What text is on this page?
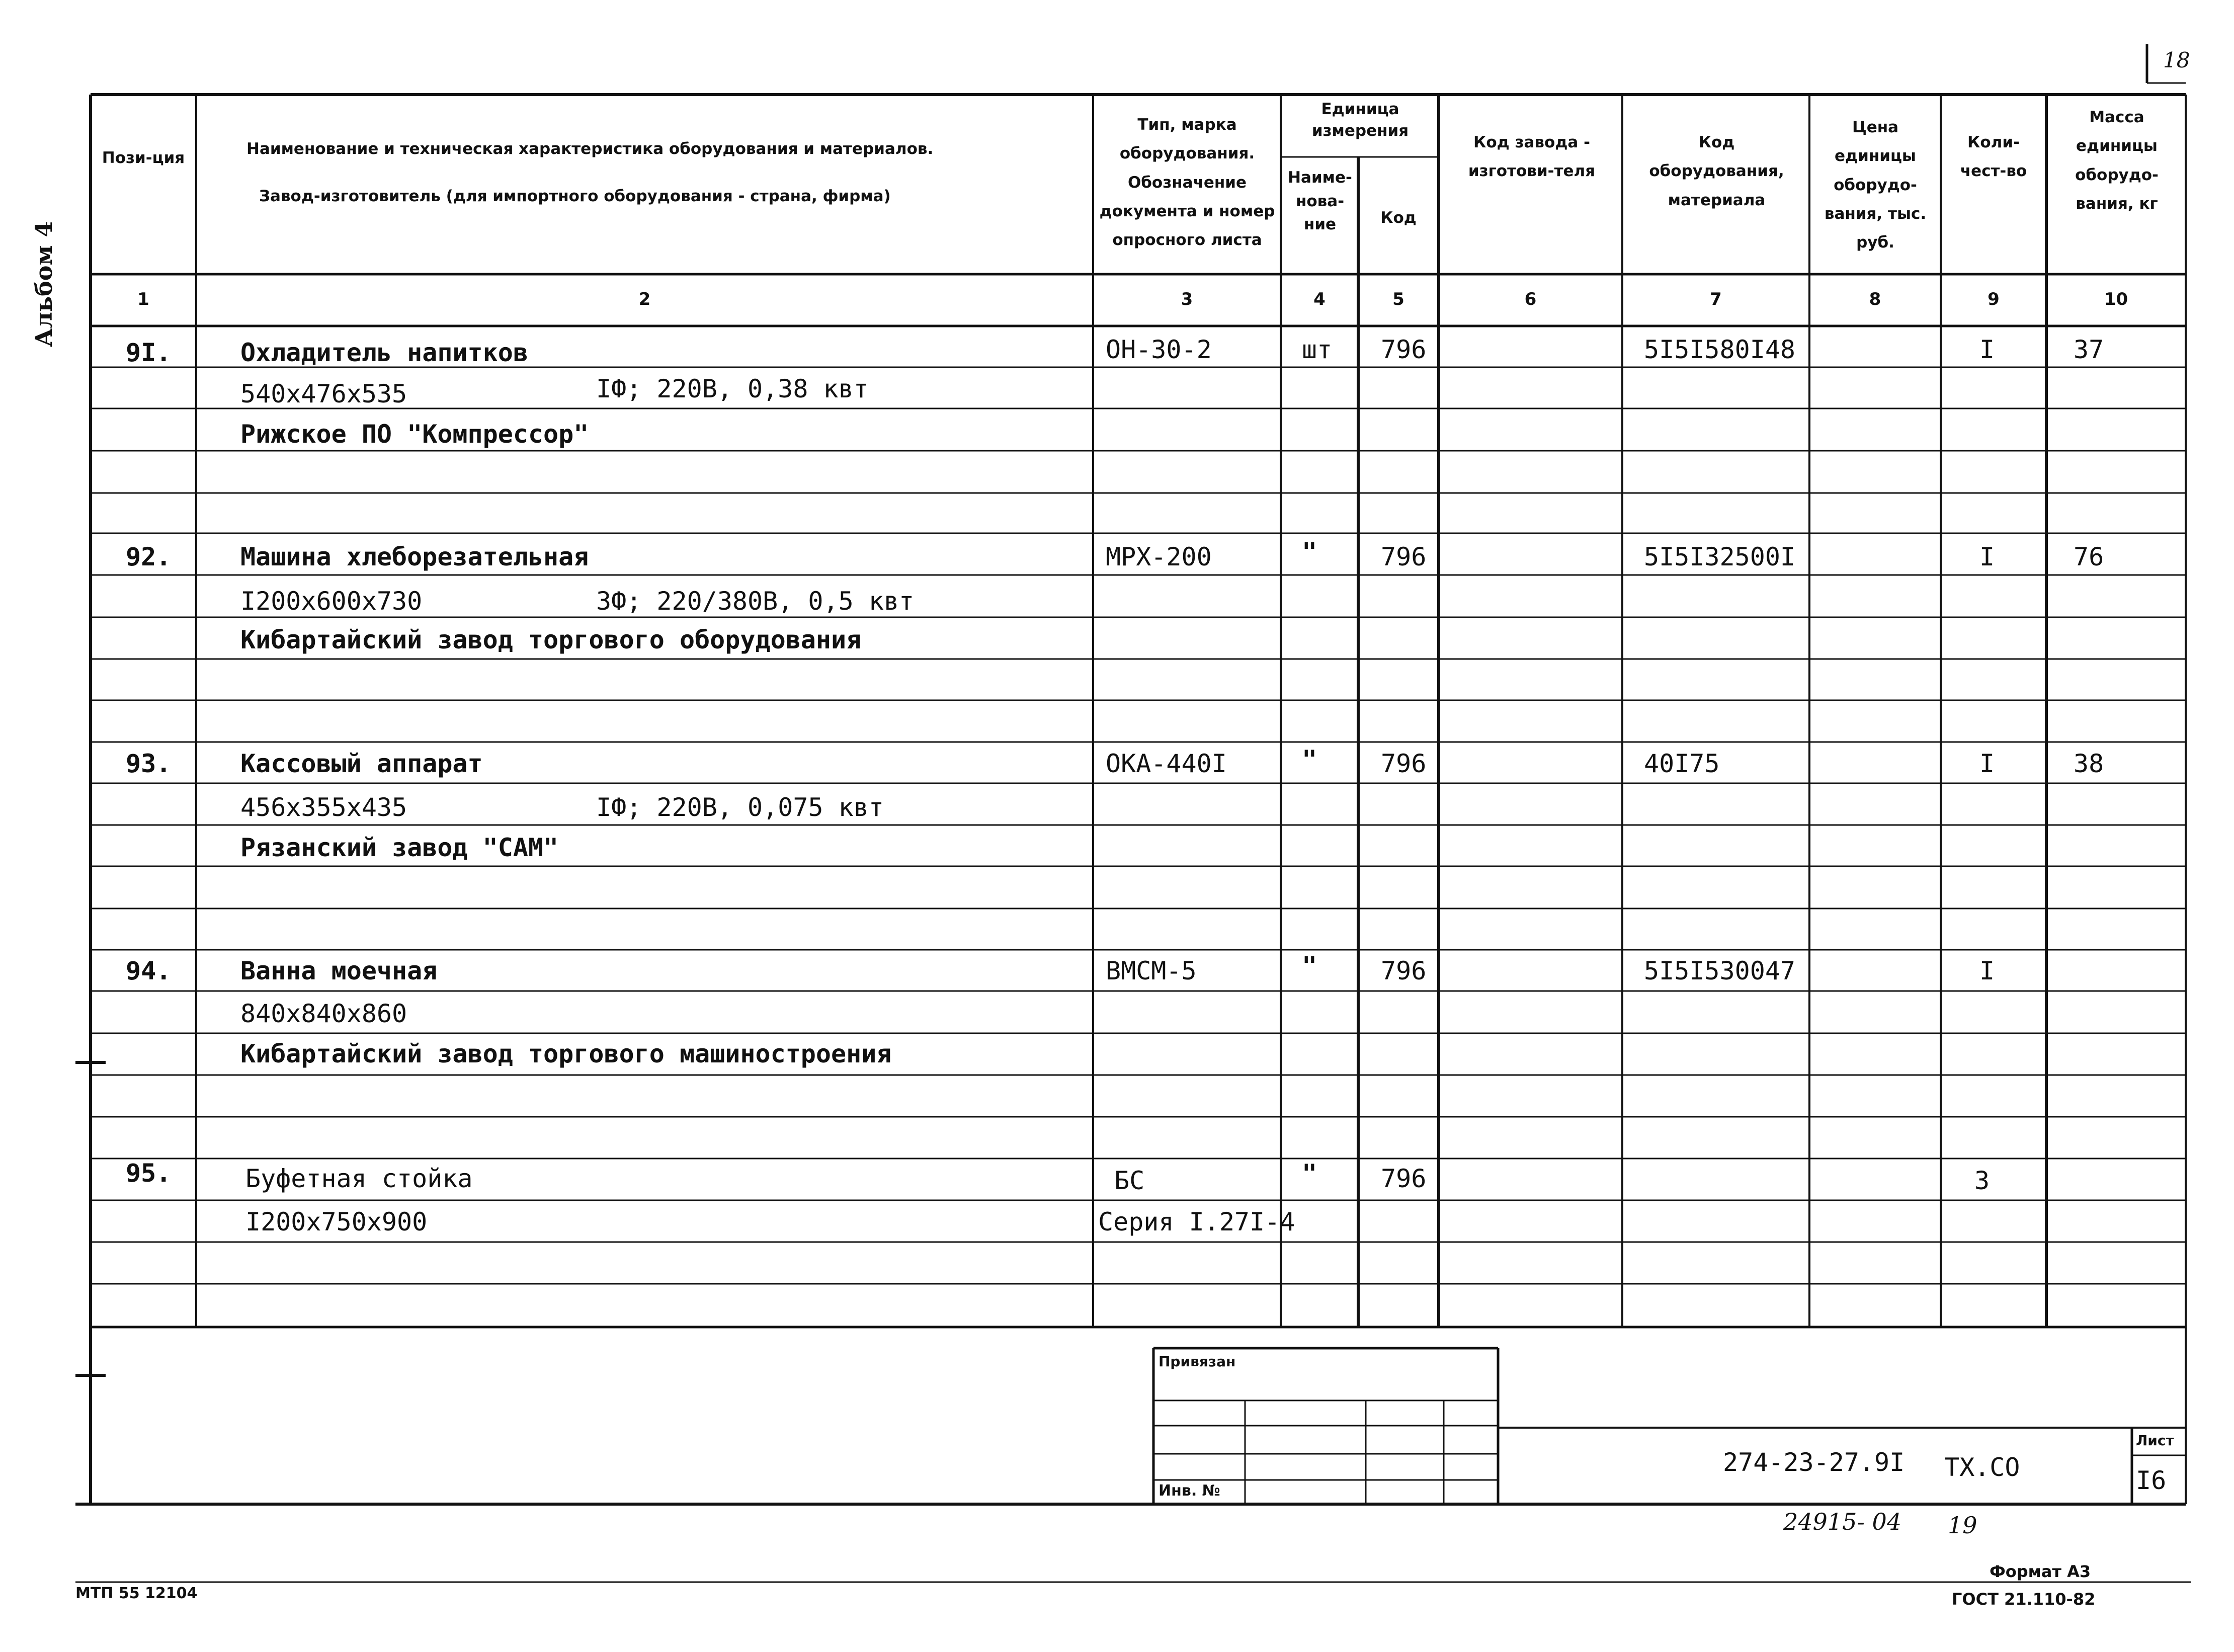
18
Альбом 4
Пози-ция	Наименование и техническая характеристика оборудования и материалов.
Завод-изготовитель (для импортного оборудования - страна, фирма)
Тип, марка оборудования. Обозначение документа и номер опросного листа
Единица измерения
Наиме-нова-ние	Код
Код завода - изготови-теля
Код оборудования, материала
Цена единицы оборудо-вания, тыс. руб.
Коли-чест-во
Масса единицы оборудо-вания, кг
1	2	3	4	5	6	7	8	9	10
9I.	Охладитель напитков
540х476х535	IФ; 220В, 0,38 квт
Рижское ПО "Компрессор"
ОН-30-2	шт 796	5I5I580I48	I	37
92.	Машина хлеборезательная
I200х600х730	3Ф; 220/380В, 0,5 квт
Кибартайский завод торгового оборудования
МРХ-200	"	796	5I5I32500I	I	76
93.	Кассовый аппарат
456х355х435	IФ; 220В, 0,075 квт
Рязанский завод "САМ"
ОКА-440I	"	796	40I75	I	38
94.	Ванна моечная
840х840х860
Кибартайский завод торгового машиностроения
ВМСМ-5	"	796	5I5I530047	I
95.	Буфетная стойка
I200х750х900
БС
Серия I.27I-4
"	796	3
Привязан
Инв. №
274-23-27.9I ТХ.СО
Лист
I6
24915- 04 19
МТП 55 12104
Формат А3
ГОСТ 21.110-82
